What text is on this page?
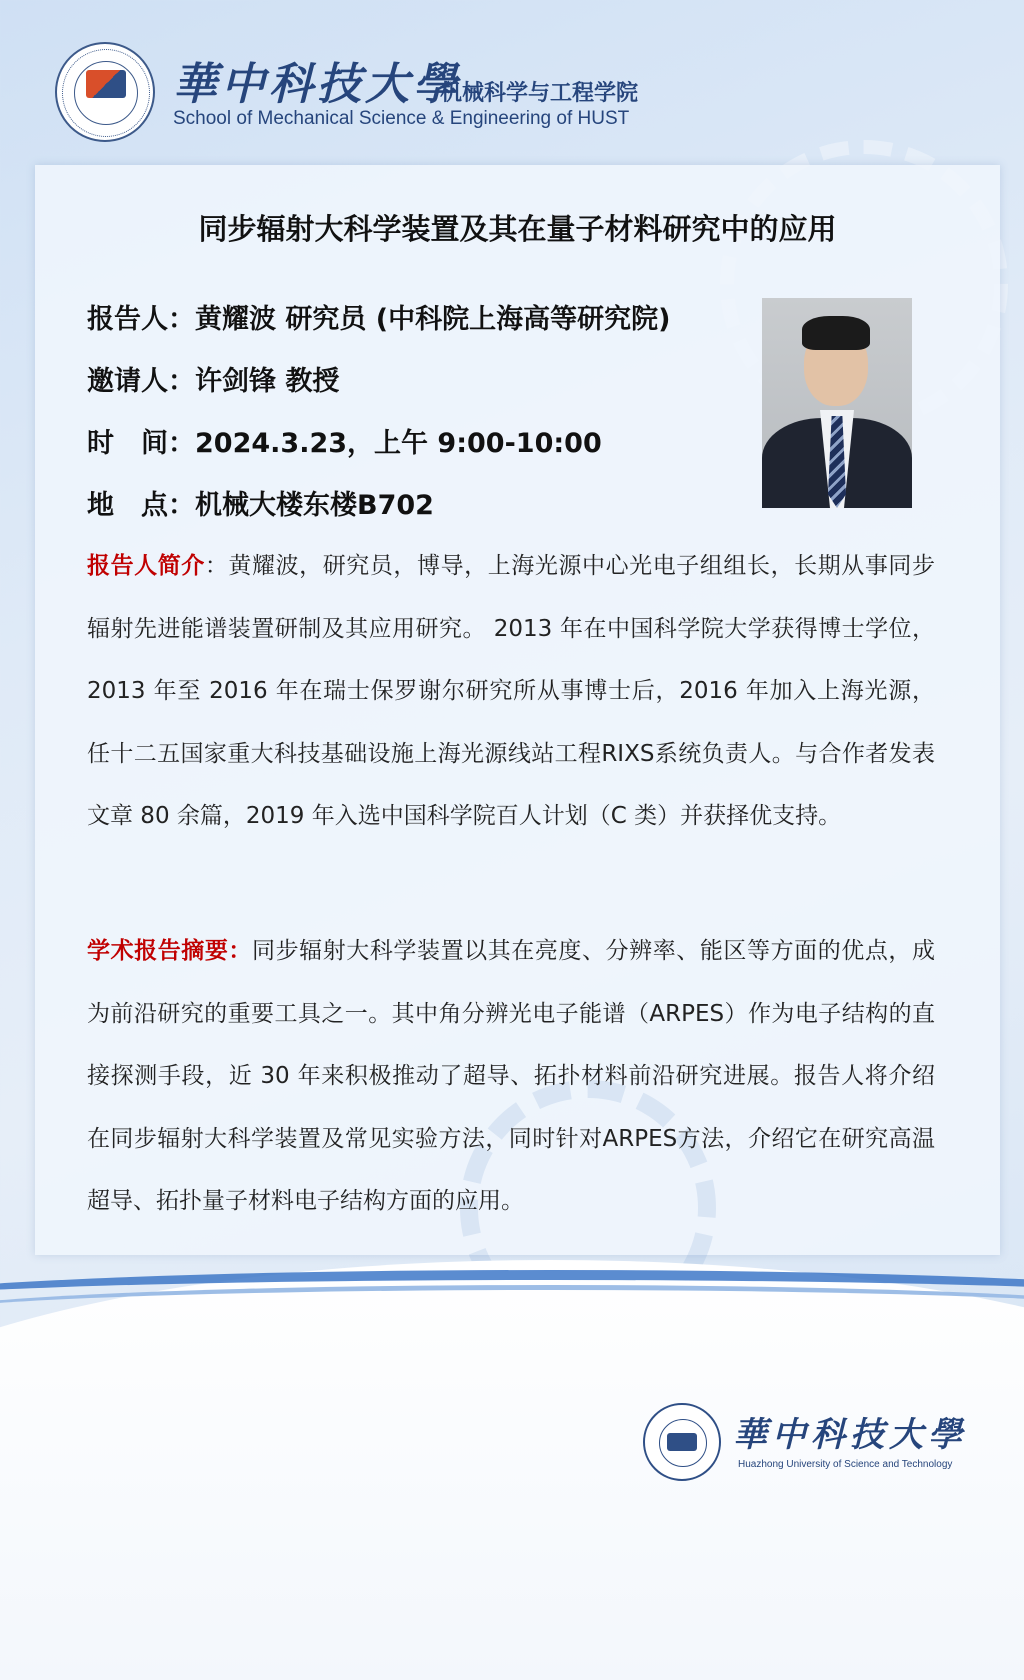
華中科技大學
机械科学与工程学院
School of Mechanical Science & Engineering of HUST
同步辐射大科学装置及其在量子材料研究中的应用
报告人：黄耀波 研究员 (中科院上海高等研究院)
邀请人：许剑锋 教授
时　间：2024.3.23，上午 9:00-10:00
地　点：机械大楼东楼B702
报告人简介：黄耀波，研究员，博导，上海光源中心光电子组组长，长期从事同步辐射先进能谱装置研制及其应用研究。 2013 年在中国科学院大学获得博士学位，2013 年至 2016 年在瑞士保罗谢尔研究所从事博士后，2016 年加入上海光源，任十二五国家重大科技基础设施上海光源线站工程RIXS系统负责人。与合作者发表文章 80 余篇，2019 年入选中国科学院百人计划（C 类）并获择优支持。
学术报告摘要：同步辐射大科学装置以其在亮度、分辨率、能区等方面的优点，成为前沿研究的重要工具之一。其中角分辨光电子能谱（ARPES）作为电子结构的直接探测手段，近 30 年来积极推动了超导、拓扑材料前沿研究进展。报告人将介绍在同步辐射大科学装置及常见实验方法，同时针对ARPES方法，介绍它在研究高温超导、拓扑量子材料电子结构方面的应用。
華中科技大學
Huazhong University of Science and Technology
